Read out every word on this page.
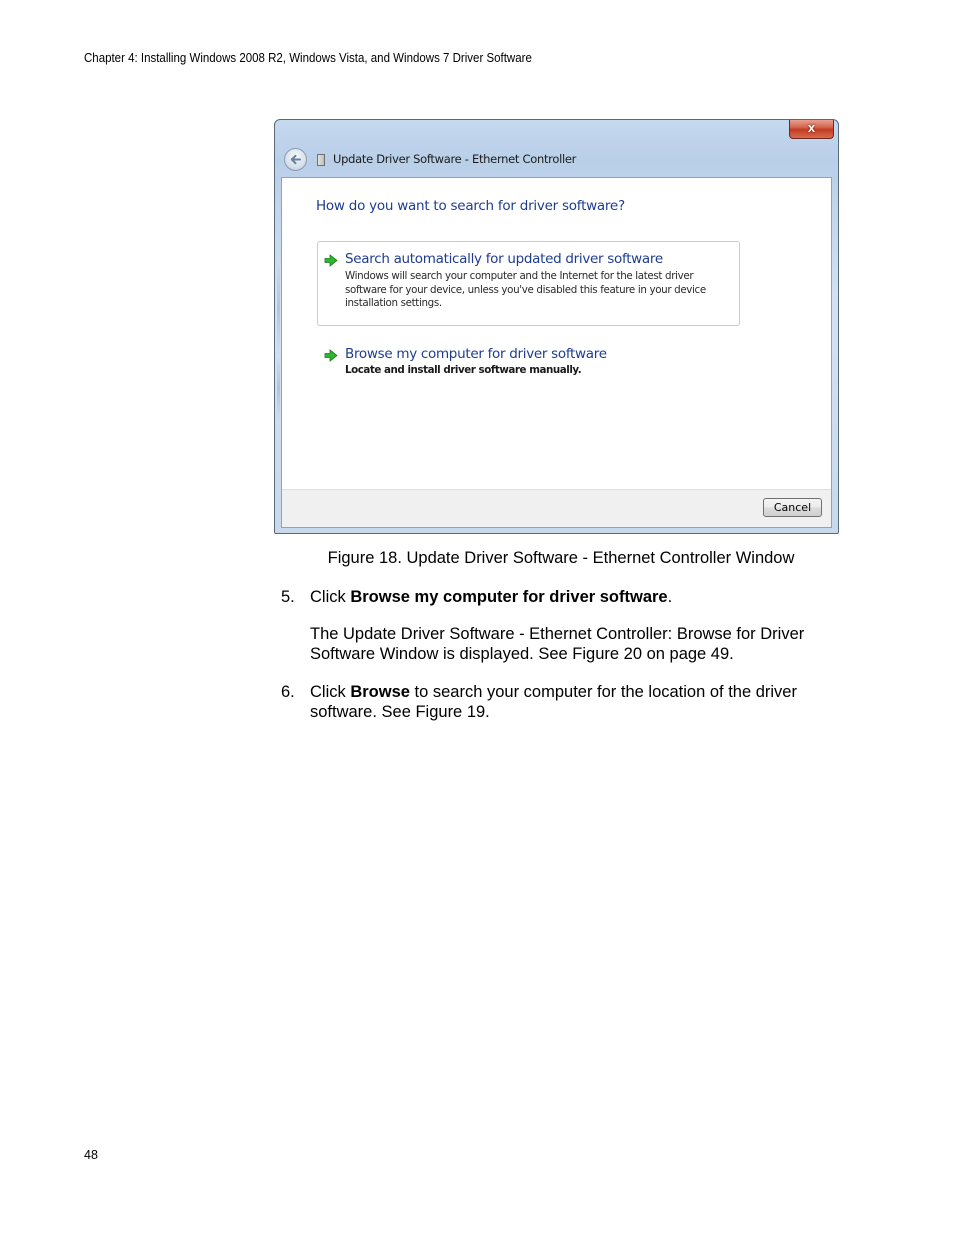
Chapter 4: Installing Windows 2008 R2, Windows Vista, and Windows 7 Driver Software
x
Update Driver Software - Ethernet Controller
How do you want to search for driver software?
Search automatically for updated driver software
Windows will search your computer and the Internet for the latest driver software for your device, unless you've disabled this feature in your device installation settings.
Browse my computer for driver software
Locate and install driver software manually.
Cancel
Figure 18. Update Driver Software - Ethernet Controller Window
5. Click Browse my computer for driver software.
The Update Driver Software - Ethernet Controller: Browse for Driver Software Window is displayed. See Figure 20 on page 49.
6. Click Browse to search your computer for the location of the driver software. See Figure 19.
48
